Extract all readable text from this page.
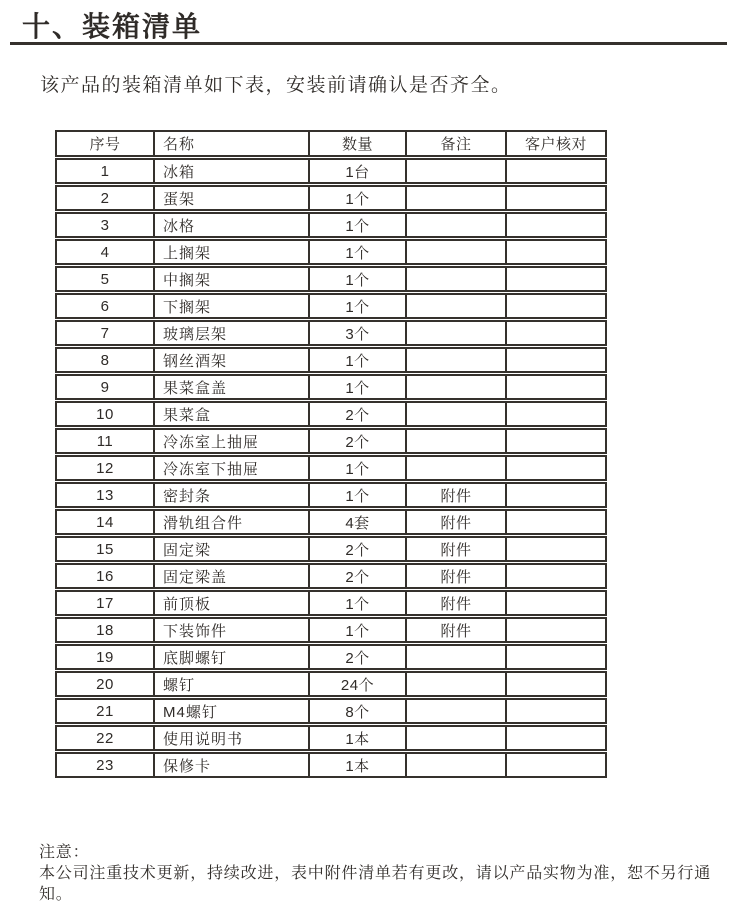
十、装箱清单
该产品的装箱清单如下表，安装前请确认是否齐全。
序号	名称	数量	备注	客户核对
1	冰箱	1台
2	蛋架	1个
3	冰格	1个
4	上搁架	1个
5	中搁架	1个
6	下搁架	1个
7	玻璃层架	3个
8	钢丝酒架	1个
9	果菜盒盖	1个
10	果菜盒	2个
11	冷冻室上抽屉	2个
12	冷冻室下抽屉	1个
13	密封条	1个	附件
14	滑轨组合件	4套	附件
15	固定梁	2个	附件
16	固定梁盖	2个	附件
17	前顶板	1个	附件
18	下装饰件	1个	附件
19	底脚螺钉	2个
20	螺钉	24个
21	M4螺钉	8个
22	使用说明书	1本
23	保修卡	1本
注意：
本公司注重技术更新，持续改进，表中附件清单若有更改，请以产品实物为准，恕不另行通知。
